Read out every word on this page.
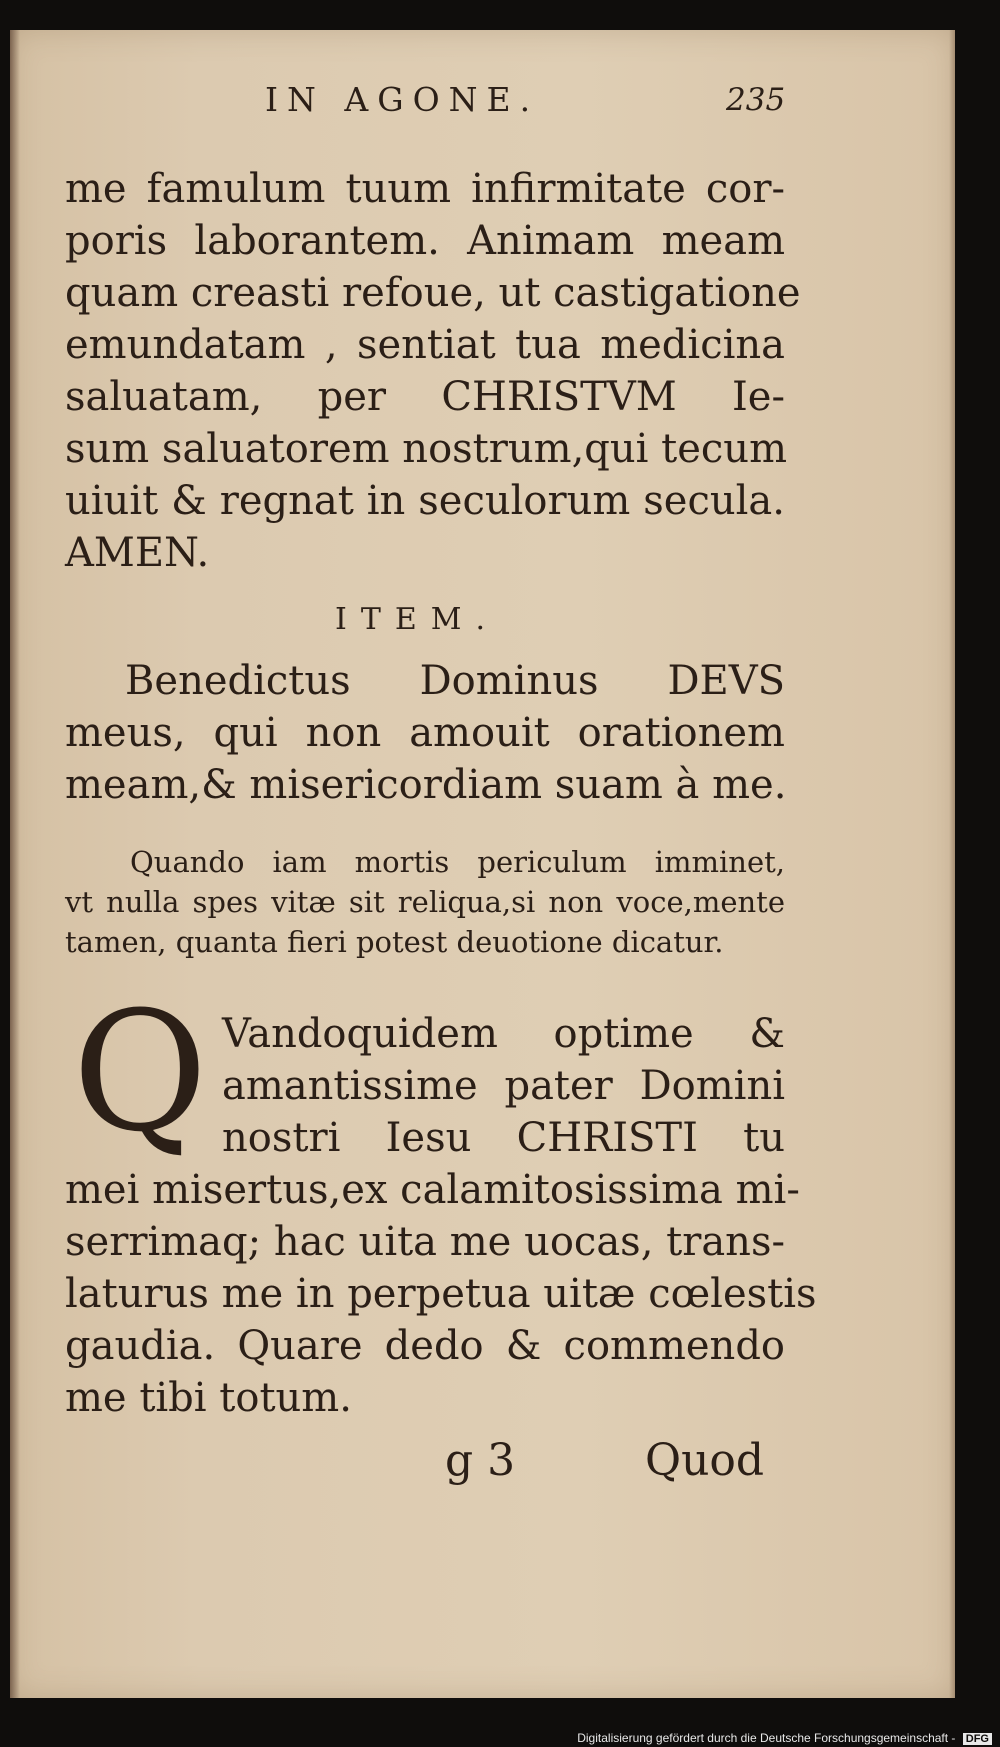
IN AGONE.	235
me famulum tuum infirmitate cor-
poris laborantem. Animam meam
quam creasti refoue, ut castigatione
emundatam , sentiat tua medicina
saluatam, per CHRISTVM Ie-
sum saluatorem nostrum,qui tecum
uiuit & regnat in seculorum secula.
AMEN.
ITEM.
Benedictus Dominus DEVS
meus, qui non amouit orationem
meam,& misericordiam suam à me.
Quando iam mortis periculum imminet,
vt nulla spes vitæ sit reliqua,si non voce,mente
tamen, quanta fieri potest deuotione dicatur.
Q Vandoquidem optime &
amantissime pater Domini
nostri Iesu CHRISTI tu
mei misertus,ex calamitosissima mi-
serrimaq; hac uita me uocas, trans-
laturus me in perpetua uitæ cœlestis
gaudia. Quare dedo & commendo
me tibi totum.
g 3	Quod
Digitalisierung gefördert durch die Deutsche Forschungsgemeinschaft - DFG
